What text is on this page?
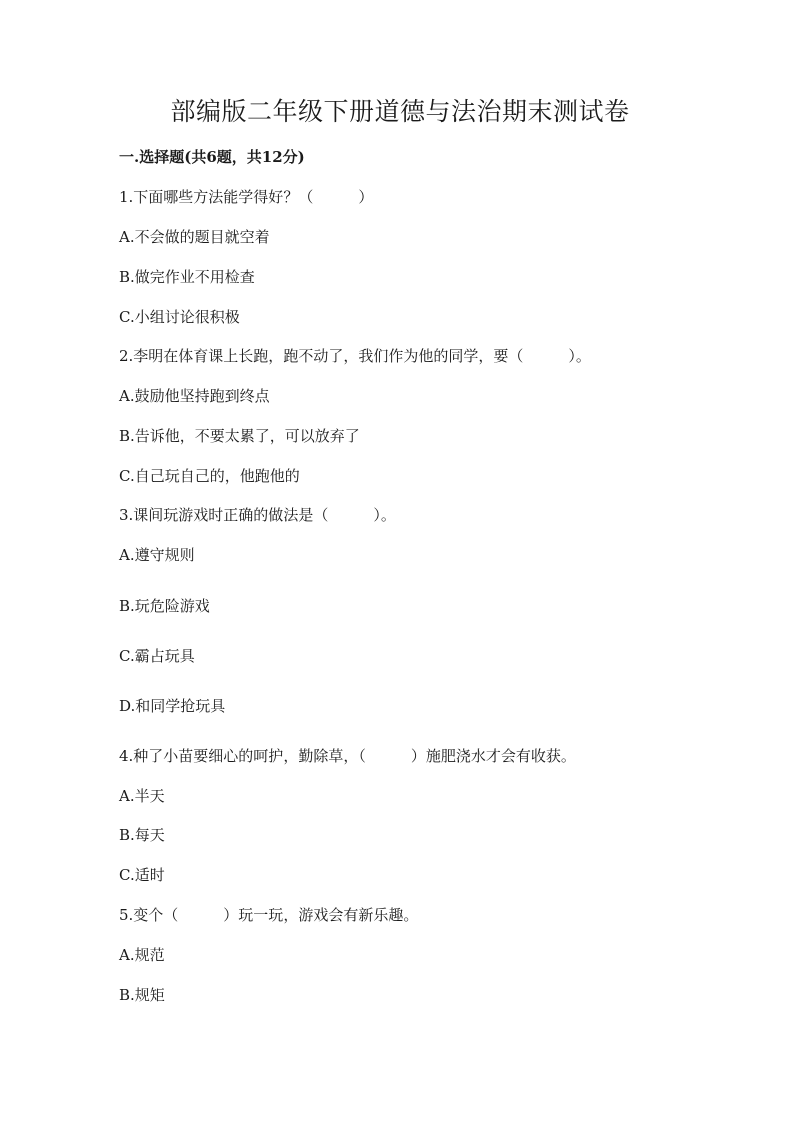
部编版二年级下册道德与法治期末测试卷
一.选择题(共6题，共12分)
1.下面哪些方法能学得好？（　　　）
A.不会做的题目就空着
B.做完作业不用检查
C.小组讨论很积极
2.李明在体育课上长跑，跑不动了，我们作为他的同学，要（　　　）。
A.鼓励他坚持跑到终点
B.告诉他，不要太累了，可以放弃了
C.自己玩自己的，他跑他的
3.课间玩游戏时正确的做法是（　　　）。
A.遵守规则
B.玩危险游戏
C.霸占玩具
D.和同学抢玩具
4.种了小苗要细心的呵护，勤除草，（　　　）施肥浇水才会有收获。
A.半天
B.每天
C.适时
5.变个（　　　）玩一玩，游戏会有新乐趣。
A.规范
B.规矩
